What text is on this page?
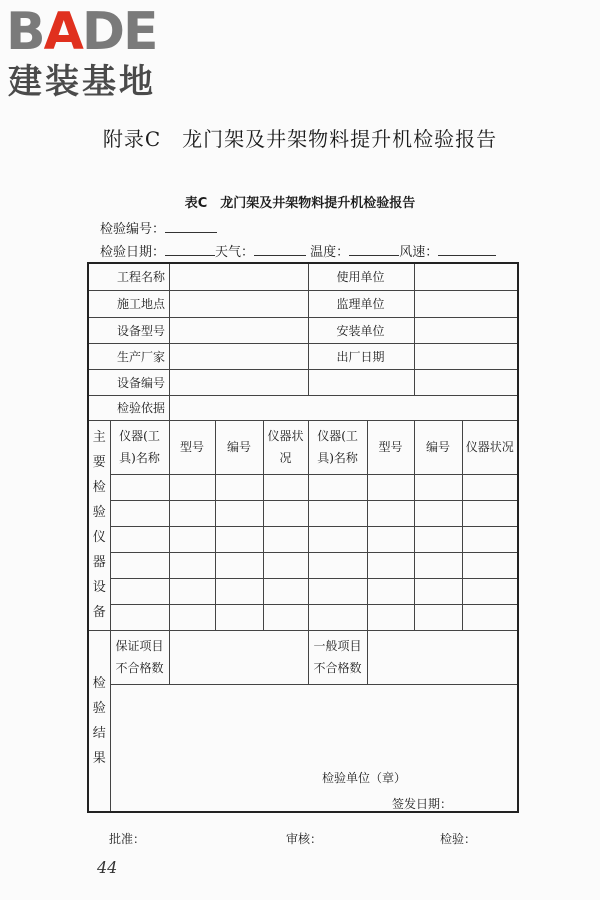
BADE
建装基地
附录C　龙门架及井架物料提升机检验报告
表C　龙门架及井架物料提升机检验报告
检验编号：
检验日期：	天气：	温度：	风速：
工程名称					使用单位			
施工地点					监理单位			
设备型号					安装单位			
生产厂家					出厂日期			
设备编号								
检验依据								
主要检验仪器设备	仪器(工具)名称	型号	编号	仪器状况	仪器(工具)名称	型号	编号	仪器状况

检验结果	保证项目不合格数				一般项目不合格数			

检验单位（章）
签发日期：
批准：	审核：	检验：
44
